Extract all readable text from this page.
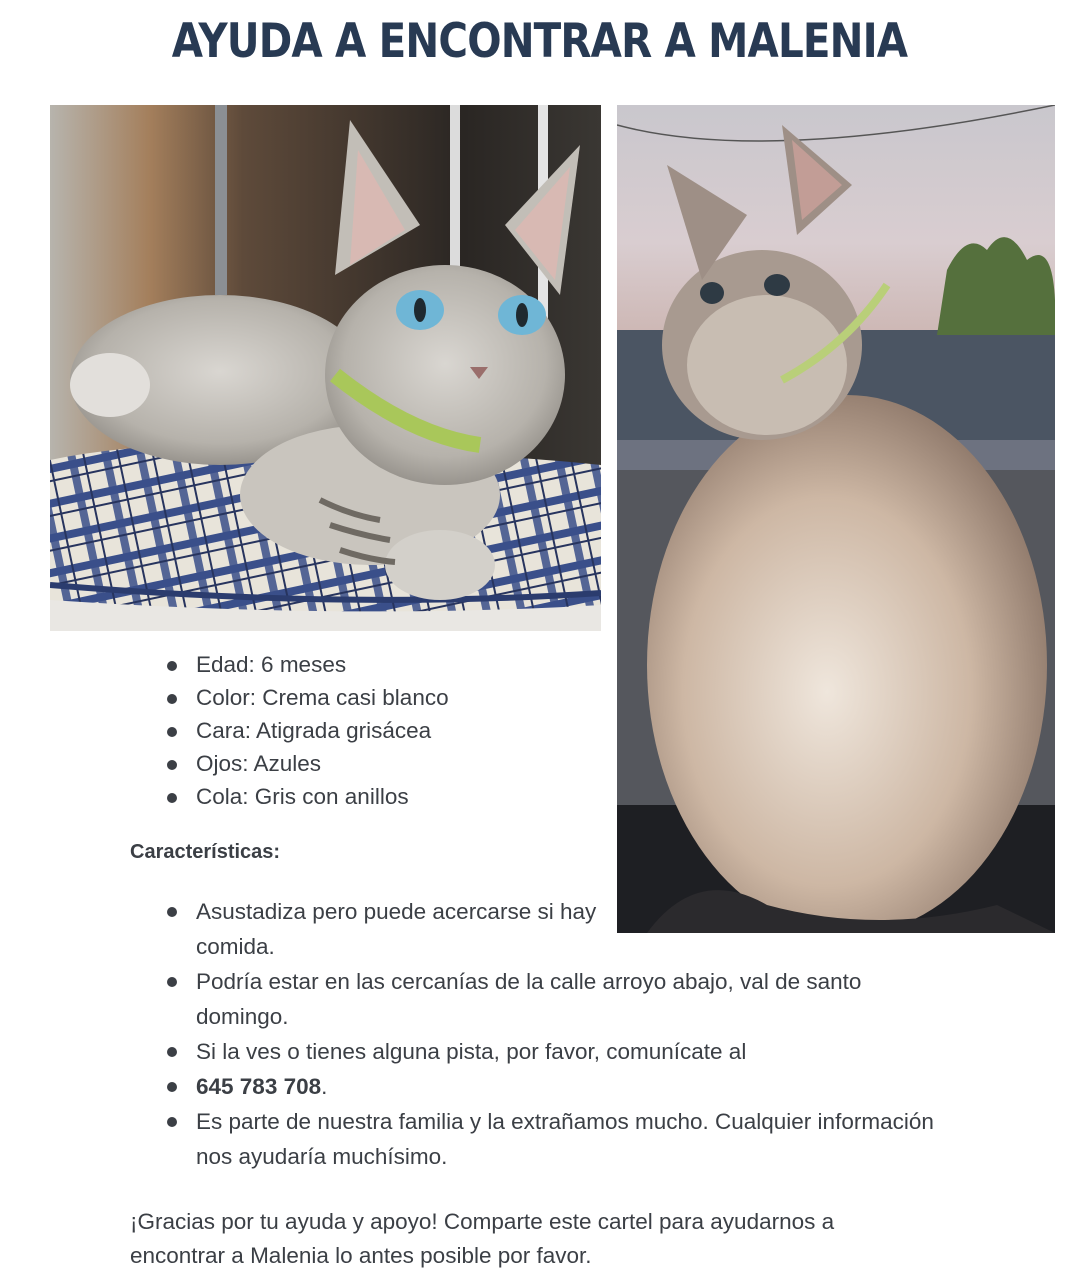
AYUDA A ENCONTRAR A MALENIA
Edad: 6 meses
Color: Crema casi blanco
Cara: Atigrada grisácea
Ojos: Azules
Cola: Gris con anillos
Características:
Asustadiza pero puede acercarse si hay comida.
Podría estar en las cercanías de la calle arroyo abajo, val de santo domingo.
Si la ves o tienes alguna pista, por favor, comunícate al
645 783 708.
Es parte de nuestra familia y la extrañamos mucho. Cualquier información nos ayudaría muchísimo.

¡Gracias por tu ayuda y apoyo! Comparte este cartel para ayudarnos a encontrar a Malenia lo antes posible por favor.
